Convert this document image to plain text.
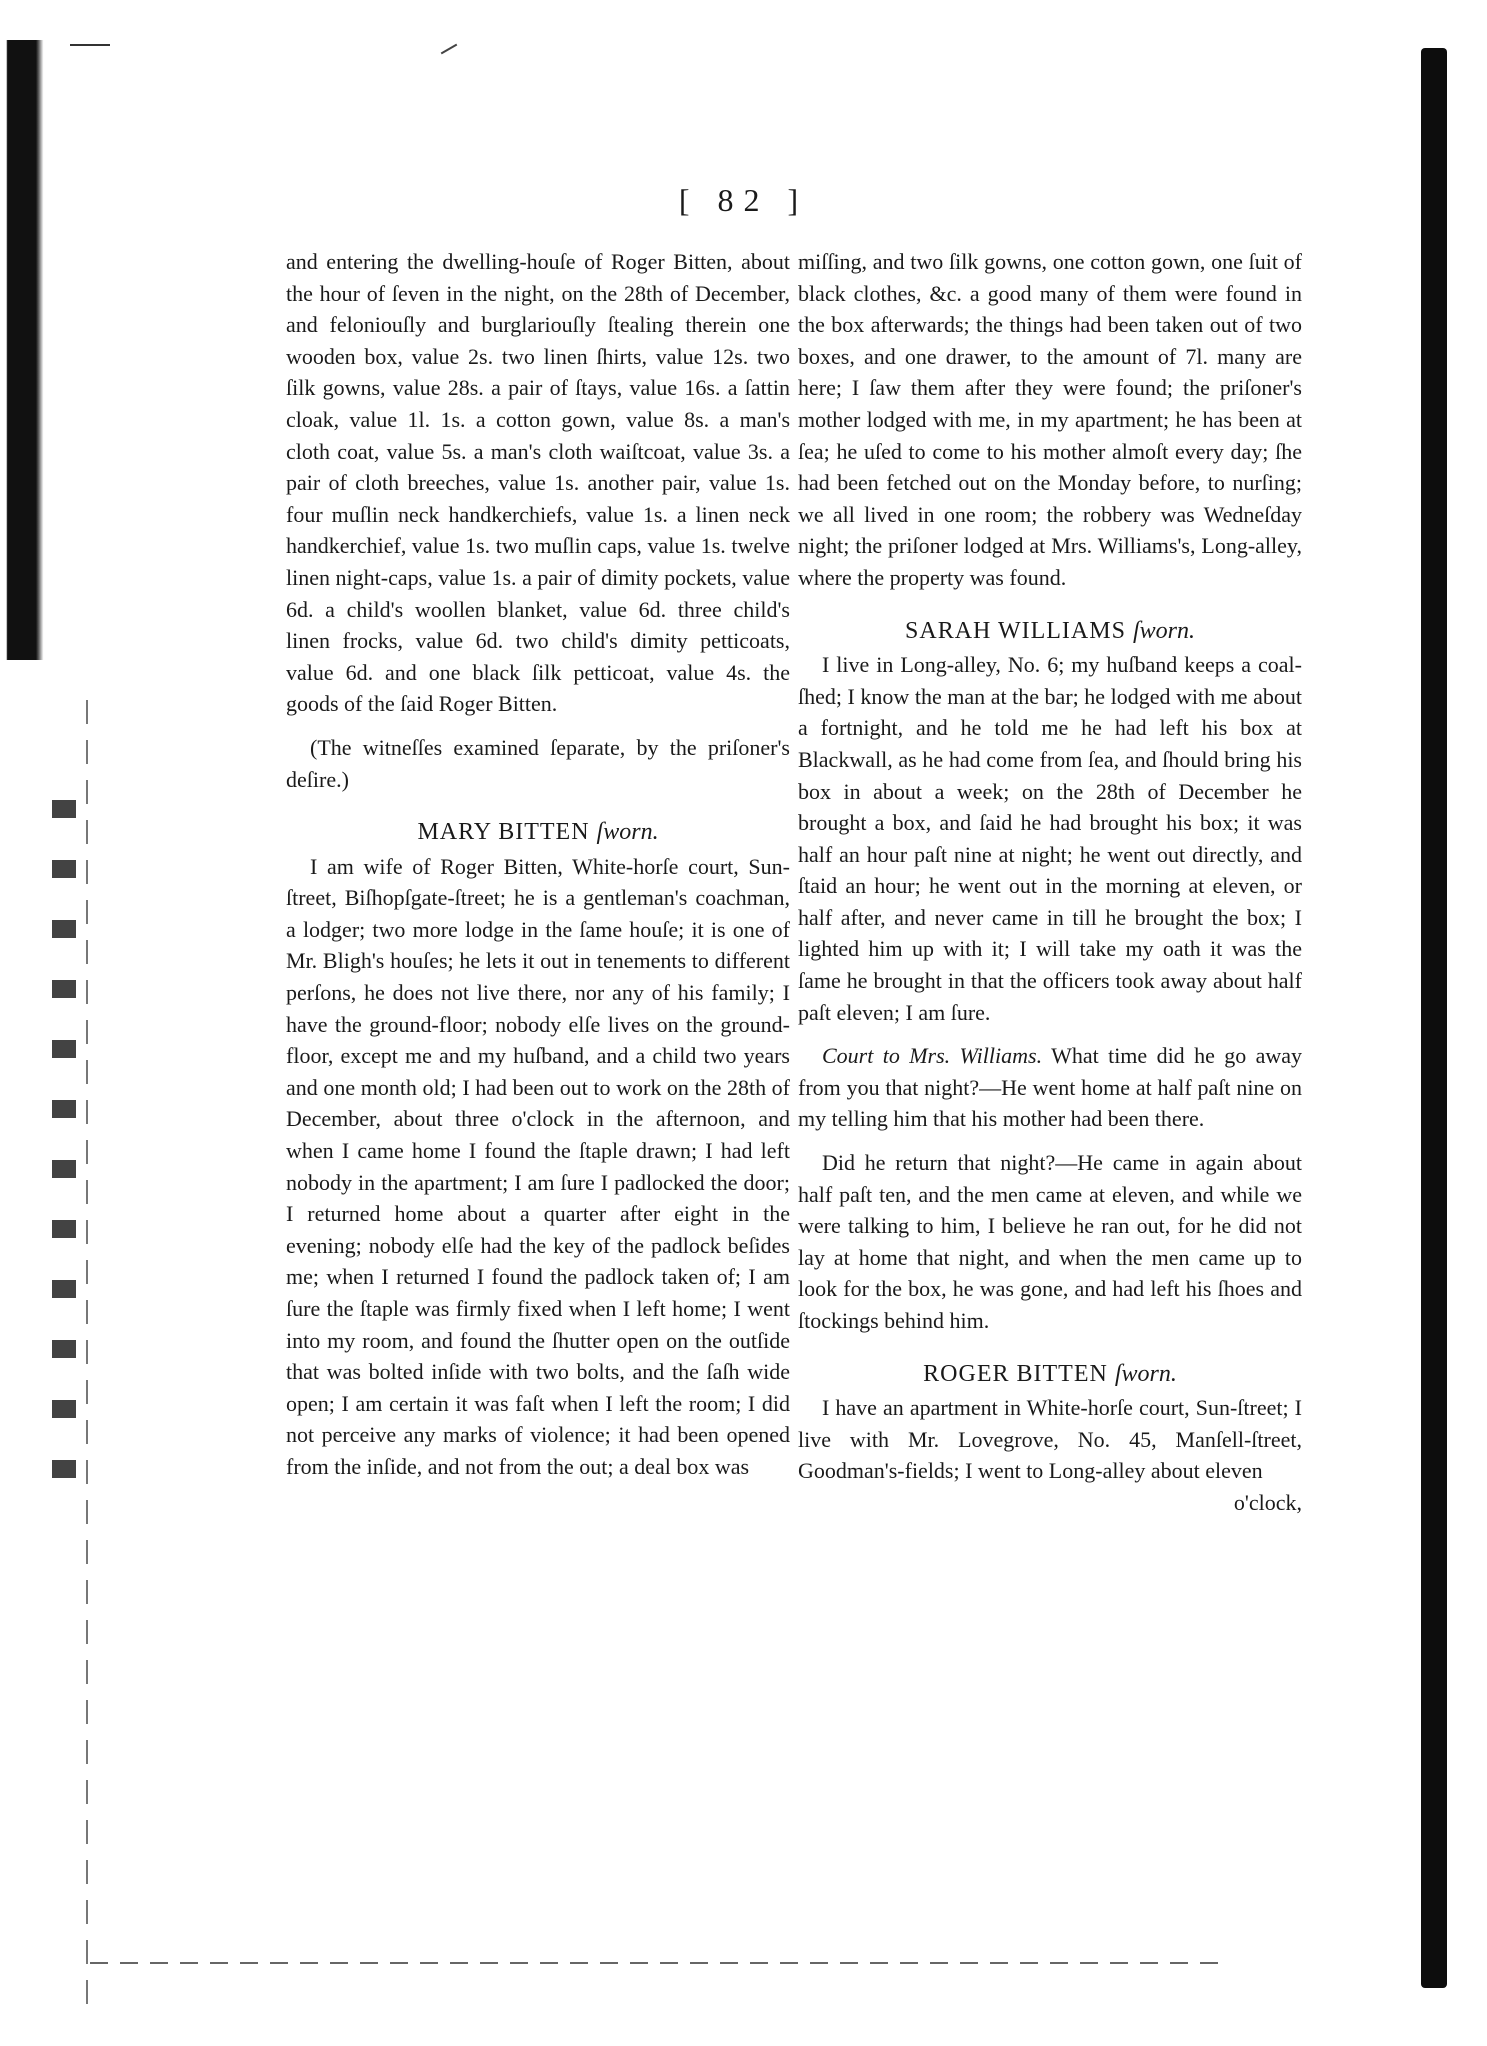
[ 82 ]

and entering the dwelling-houſe of Roger Bitten, about the hour of ſeven in the night, on the 28th of December, and feloniouſly and burglariouſly ſtealing therein one wooden box, value 2s. two linen ſhirts, value 12s. two ſilk gowns, value 28s. a pair of ſtays, value 16s. a ſattin cloak, value 1l. 1s. a cotton gown, value 8s. a man's cloth coat, value 5s. a man's cloth waiſtcoat, value 3s. a pair of cloth breeches, value 1s. another pair, value 1s. four muſlin neck handkerchiefs, value 1s. a linen neck handkerchief, value 1s. two muſlin caps, value 1s. twelve linen night-caps, value 1s. a pair of dimity pockets, value 6d. a child's woollen blanket, value 6d. three child's linen frocks, value 6d. two child's dimity petticoats, value 6d. and one black ſilk petticoat, value 4s. the goods of the ſaid Roger Bitten.

(The witneſſes examined ſeparate, by the priſoner's deſire.)

MARY BITTEN ſworn.

I am wife of Roger Bitten, White-horſe court, Sun-ſtreet, Biſhopſgate-ſtreet; he is a gentleman's coachman, a lodger; two more lodge in the ſame houſe; it is one of Mr. Bligh's houſes; he lets it out in tenements to different perſons, he does not live there, nor any of his family; I have the ground-floor; nobody elſe lives on the ground-floor, except me and my huſband, and a child two years and one month old; I had been out to work on the 28th of December, about three o'clock in the afternoon, and when I came home I found the ſtaple drawn; I had left nobody in the apartment; I am ſure I padlocked the door; I returned home about a quarter after eight in the evening; nobody elſe had the key of the padlock beſides me; when I returned I found the padlock taken of; I am ſure the ſtaple was firmly fixed when I left home; I went into my room, and found the ſhutter open on the outſide that was bolted inſide with two bolts, and the ſaſh wide open; I am certain it was faſt when I left the room; I did not perceive any marks of violence; it had been opened from the inſide, and not from the out; a deal box was

miſſing, and two ſilk gowns, one cotton gown, one ſuit of black clothes, &c. a good many of them were found in the box afterwards; the things had been taken out of two boxes, and one drawer, to the amount of 7l. many are here; I ſaw them after they were found; the priſoner's mother lodged with me, in my apartment; he has been at ſea; he uſed to come to his mother almoſt every day; ſhe had been fetched out on the Monday before, to nurſing; we all lived in one room; the robbery was Wedneſday night; the priſoner lodged at Mrs. Williams's, Long-alley, where the property was found.

SARAH WILLIAMS ſworn.

I live in Long-alley, No. 6; my huſband keeps a coal-ſhed; I know the man at the bar; he lodged with me about a fortnight, and he told me he had left his box at Blackwall, as he had come from ſea, and ſhould bring his box in about a week; on the 28th of December he brought a box, and ſaid he had brought his box; it was half an hour paſt nine at night; he went out directly, and ſtaid an hour; he went out in the morning at eleven, or half after, and never came in till he brought the box; I lighted him up with it; I will take my oath it was the ſame he brought in that the officers took away about half paſt eleven; I am ſure.

Court to Mrs. Williams. What time did he go away from you that night?—He went home at half paſt nine on my telling him that his mother had been there.

Did he return that night?—He came in again about half paſt ten, and the men came at eleven, and while we were talking to him, I believe he ran out, for he did not lay at home that night, and when the men came up to look for the box, he was gone, and had left his ſhoes and ſtockings behind him.

ROGER BITTEN ſworn.

I have an apartment in White-horſe court, Sun-ſtreet; I live with Mr. Lovegrove, No. 45, Manſell-ſtreet, Goodman's-fields; I went to Long-alley about eleven

o'clock,
